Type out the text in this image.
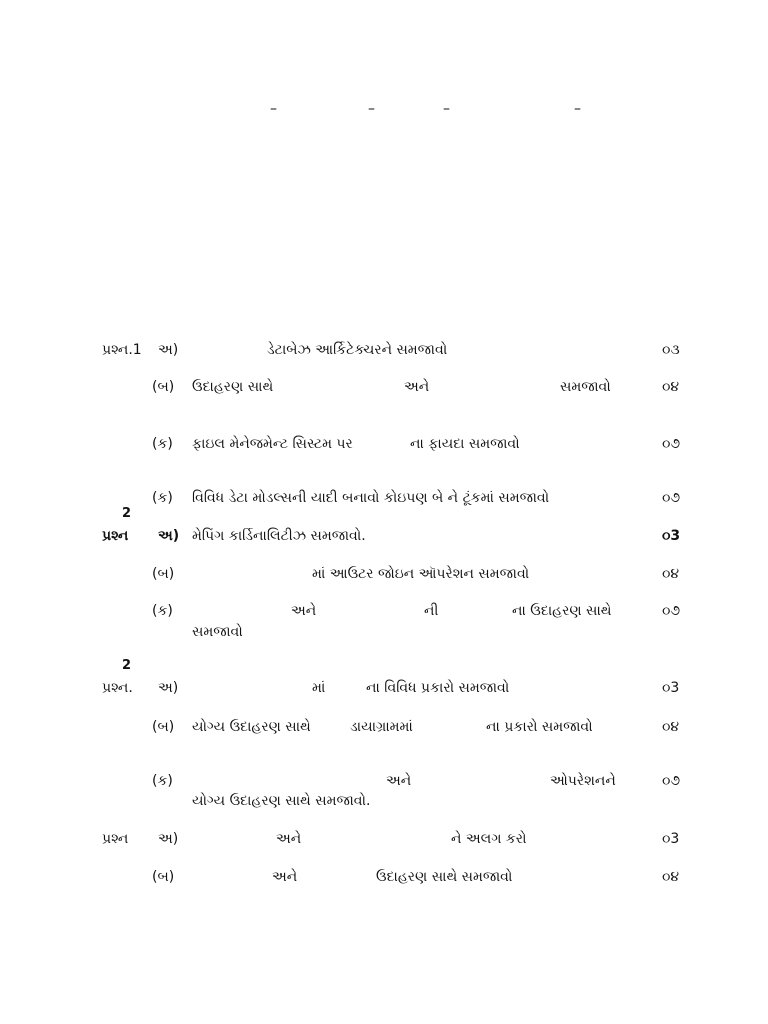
–	–	–	–
પ્રશ્ન.1 અ)	ડેટાબેઝ આર્કિટેક્ચરને સમજાવો	૦૩
(બ) ઉદાહરણ સાથે	અને	સમજાવો	૦૪
(ક) ફાઇલ મેનેજમેન્ટ સિસ્ટમ પર	ના ફાયદા સમજાવો	૦૭
(ક) વિવિધ ડેટા મોડલ્સની યાદી બનાવો કોઇપણ બે ને ટૂંકમાં સમજાવો	૦૭
2
પ્રશ્ન અ) મેપિંગ કાર્ડિનાલિટીઝ સમજાવો.	૦3
(બ)	માં આઉટર જોઇન ઑપરેશન સમજાવો	૦૪
(ક)	અને	ની	ના ઉદાહરણ સાથે	૦૭
સમજાવો
2
પ્રશ્ન. અ)	માં	ના વિવિધ પ્રકારો સમજાવો	૦3
(બ) યોગ્ય ઉદાહરણ સાથે	ડાયાગ્રામમાં	ના પ્રકારો સમજાવો	૦૪
(ક)	અને	ઓપરેશનને	૦૭
યોગ્ય ઉદાહરણ સાથે સમજાવો.
પ્રશ્ન અ)	અને	ને અલગ કરો	૦3
(બ)	અને	ઉદાહરણ સાથે સમજાવો	૦૪
